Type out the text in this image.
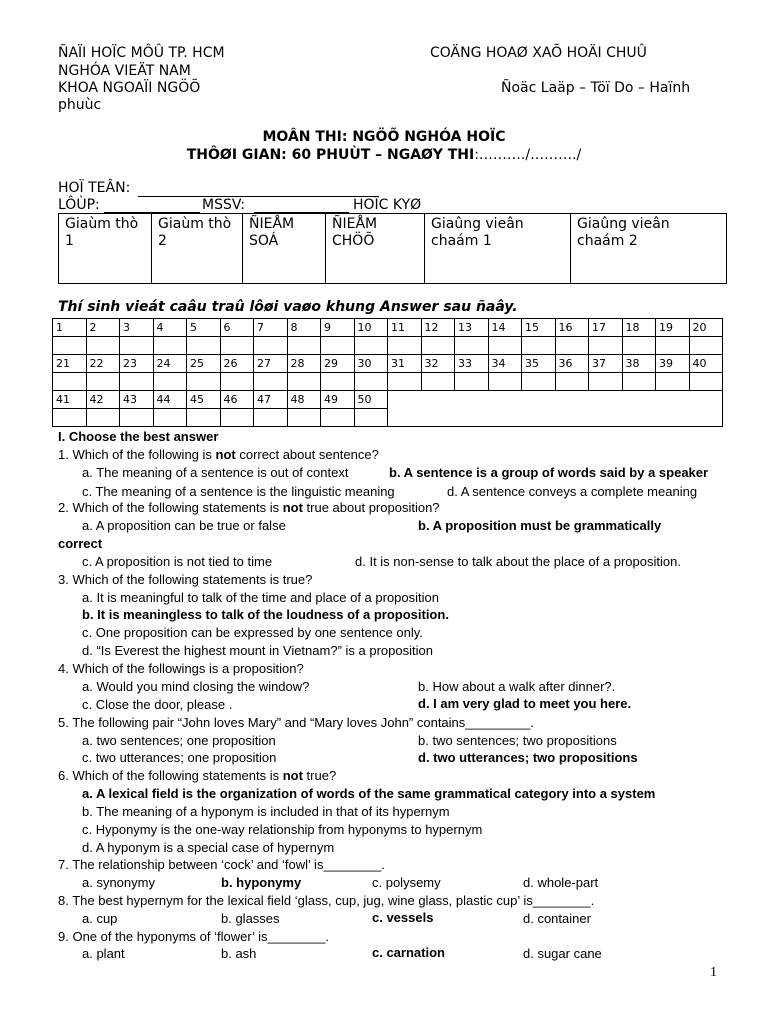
ÑAÏI HOÏC MÔÛ TP. HCM	COÄNG HOAØ XAÕ HOÄI CHUÛ
NGHÓA VIEÄT NAM
KHOA NGOAÏI NGÖÕ	Ñoäc Laäp – Töï Do – Haïnh
phuùc
MOÂN THI: NGÖÕ NGHÓA HOÏC
THÔØI GIAN: 60 PHUÙT – NGAØY THI:………./………./
HOÏ TEÂN:
LÔÙP:	MSSV:	HOÏC KYØ
Giaùm thò 1	Giaùm thò 2	ÑIEÅM SOÁ	ÑIEÅM CHÖÕ	Giaûng vieân chaám 1	Giaûng vieân chaám 2
Thí sinh vieát caâu traû lôøi vaøo khung Answer sau ñaây.
1	2	3	4	5	6	7	8	9	10	11	12	13	14	15	16	17	18	19	20

21	22	23	24	25	26	27	28	29	30	31	32	33	34	35	36	37	38	39	40

41	42	43	44	45	46	47	48	49	50										

I. Choose the best answer
1. Which of the following is not correct about sentence?
a. The meaning of a sentence is out of context	b. A sentence is a group of words said by a speaker
c. The meaning of a sentence is the linguistic meaning	d. A sentence conveys a complete meaning
2. Which of the following statements is not true about proposition?
a. A proposition can be true or false	b. A proposition must be grammatically
correct
c. A proposition is not tied to time	d. It is non-sense to talk about the place of a proposition.
3. Which of the following statements is true?
a. It is meaningful to talk of the time and place of a proposition
b. It is meaningless to talk of the loudness of a proposition.
c. One proposition can be expressed by one sentence only.
d. “Is Everest the highest mount in Vietnam?” is a proposition
4. Which of the followings is a proposition?
a. Would you mind closing the window?	b. How about a walk after dinner?.
c. Close the door, please .	d. I am very glad to meet you here.
5. The following pair “John loves Mary” and “Mary loves John” contains_________.
a. two sentences; one proposition	b. two sentences; two propositions
c. two utterances; one proposition	d. two utterances; two propositions
6. Which of the following statements is not true?
a. A lexical field is the organization of words of the same grammatical category into a system
b. The meaning of a hyponym is included in that of its hypernym
c. Hyponymy is the one-way relationship from hyponyms to hypernym
d. A hyponym is a special case of hypernym
7. The relationship between ‘cock’ and ‘fowl’ is________.
a. synonymy	b. hyponymy	c. polysemy	d. whole-part
8. The best hypernym for the lexical field ‘glass, cup, jug, wine glass, plastic cup’ is________.
a. cup	b. glasses	c. vessels	d. container
9. One of the hyponyms of ‘flower’ is________.
a. plant	b. ash	c. carnation	d. sugar cane
1
